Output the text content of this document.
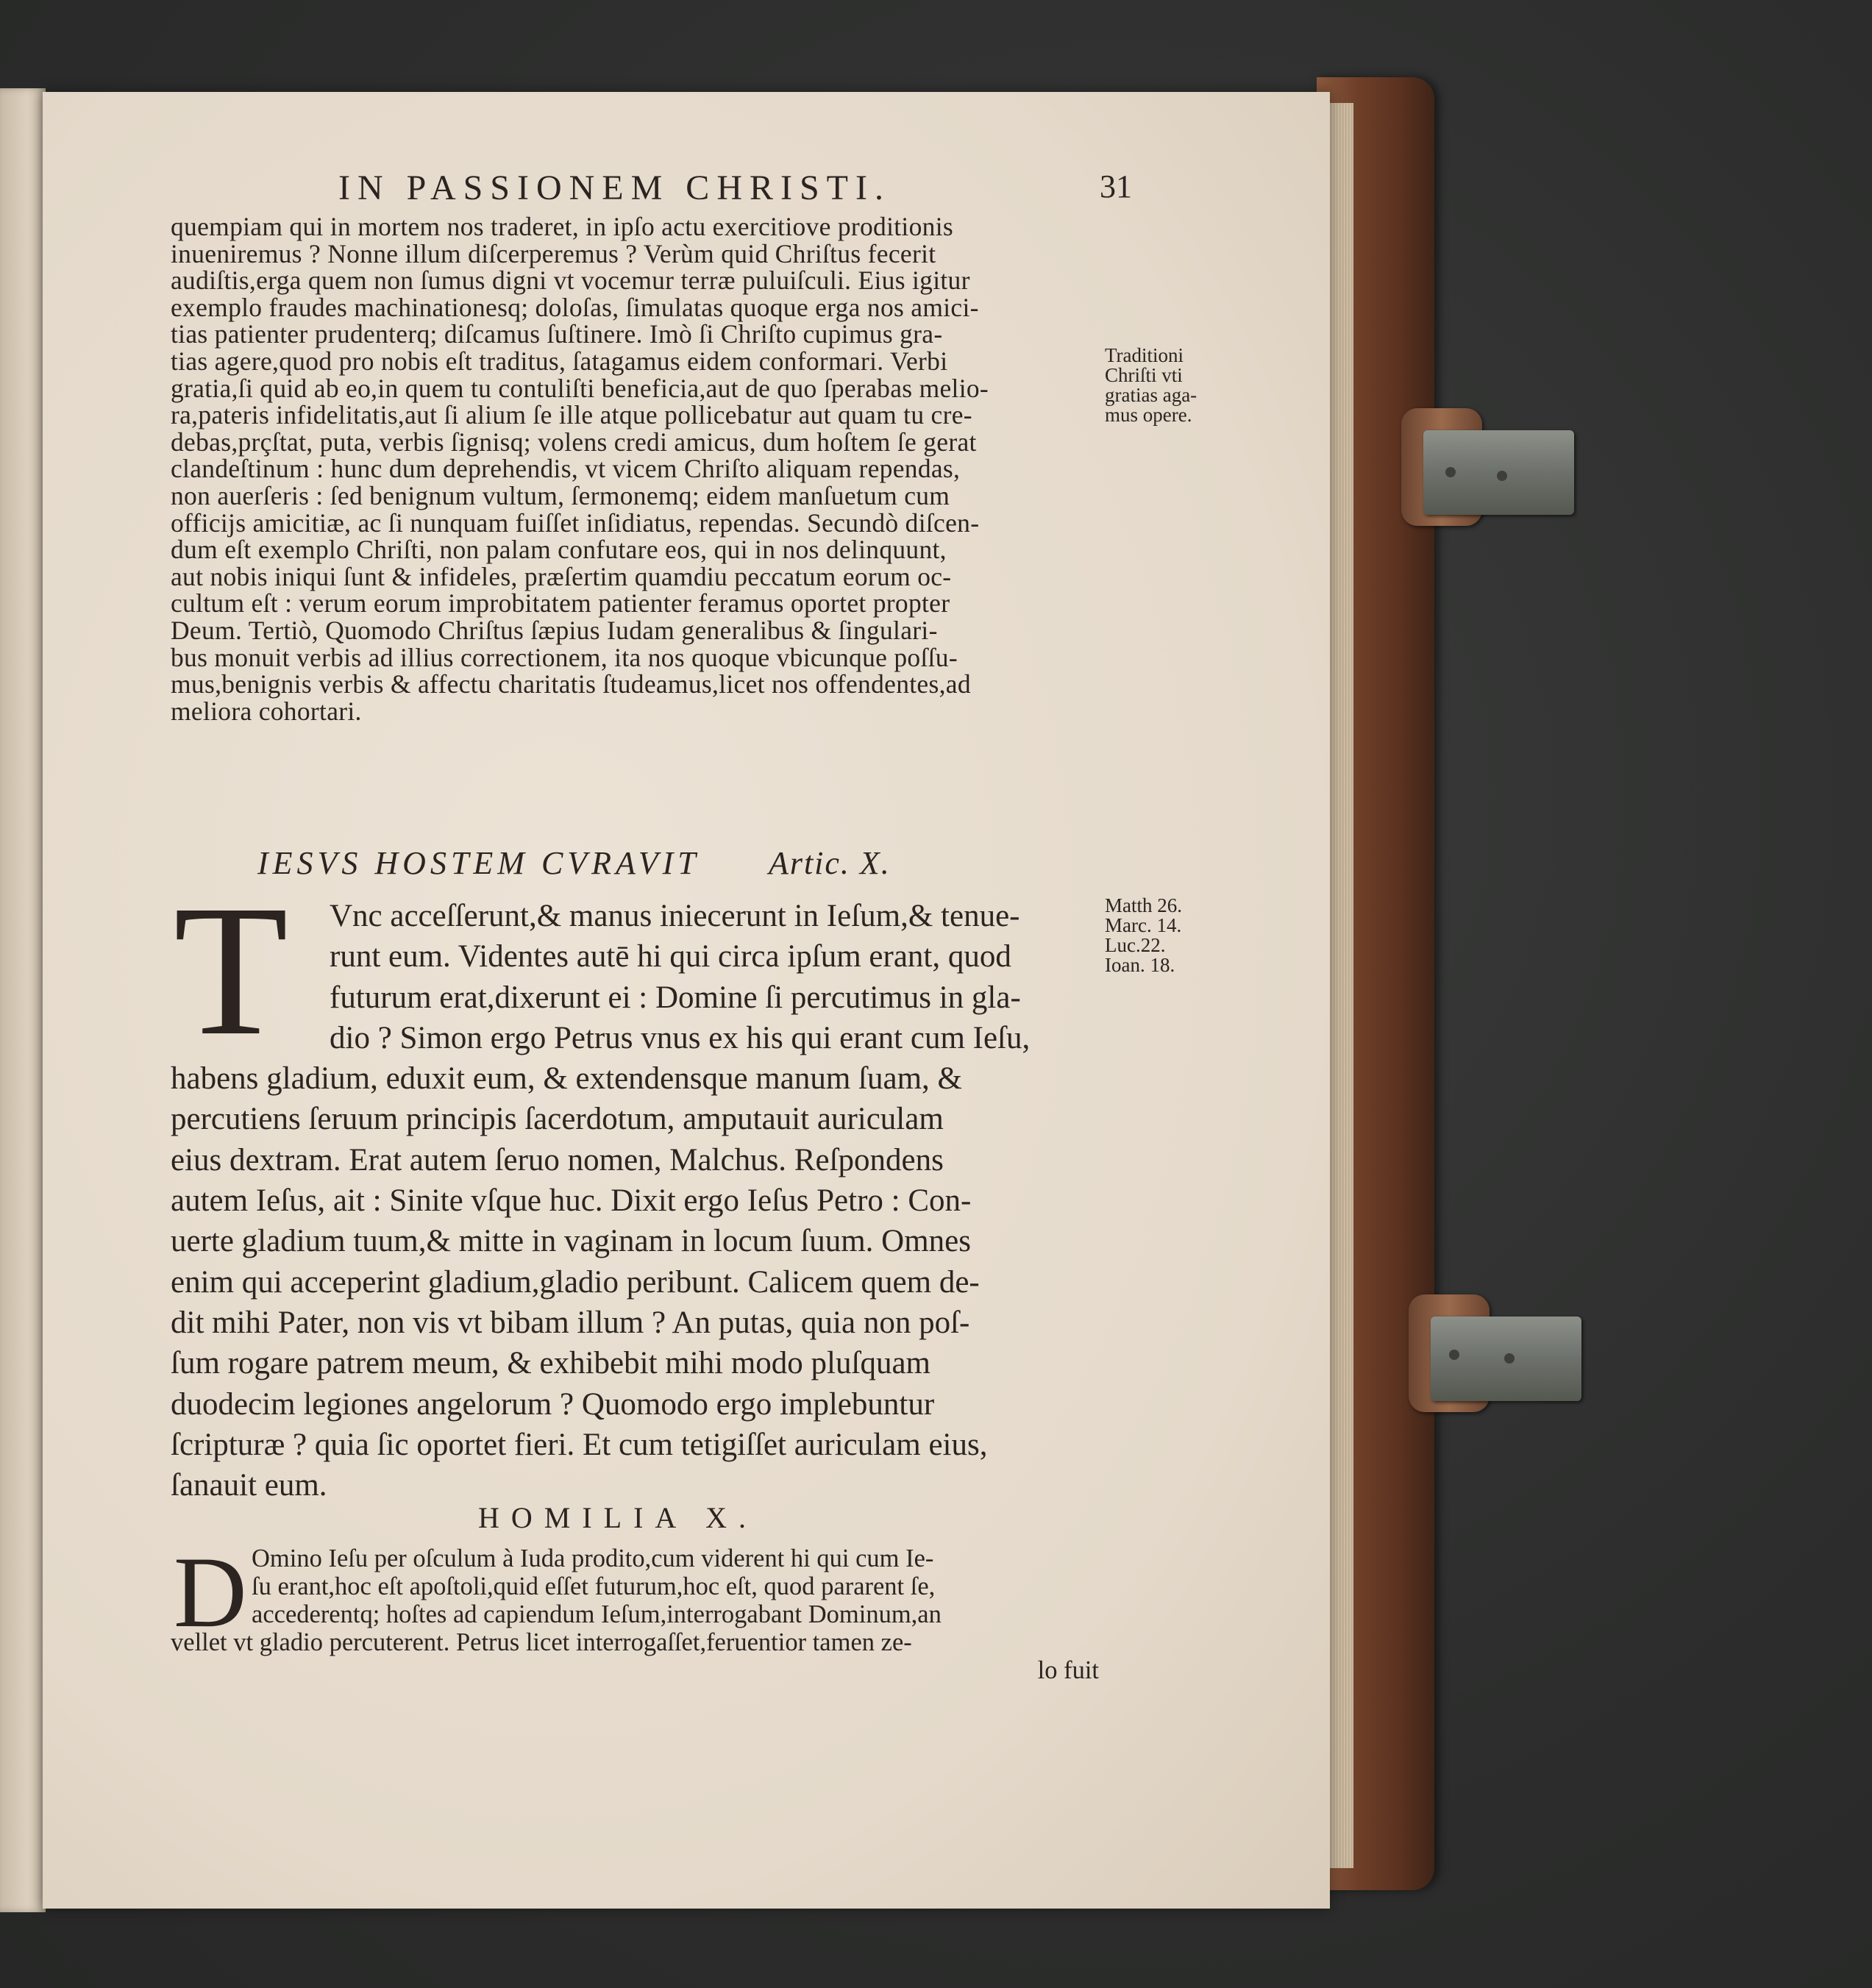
IN PASSIONEM CHRISTI.	31
quempiam qui in mortem nos traderet, in ipſo actu exercitiove proditionis
inueniremus ? Nonne illum diſcerperemus ? Verùm quid Chriſtus fecerit
audiſtis,erga quem non ſumus digni vt vocemur terræ puluiſculi. Eius igitur
exemplo fraudes machinationesq; doloſas, ſimulatas quoque erga nos amici-
tias patienter prudenterq; diſcamus ſuſtinere. Imò ſi Chriſto cupimus gra-
tias agere,quod pro nobis eſt traditus, ſatagamus eidem conformari. Verbi
gratia,ſi quid ab eo,in quem tu contuliſti beneficia,aut de quo ſperabas melio-
ra,pateris infidelitatis,aut ſi alium ſe ille atque pollicebatur aut quam tu cre-
debas,prçſtat, puta, verbis ſignisq; volens credi amicus, dum hoſtem ſe gerat
clandeſtinum : hunc dum deprehendis, vt vicem Chriſto aliquam rependas,
non auerſeris : ſed benignum vultum, ſermonemq; eidem manſuetum cum
officijs amicitiæ, ac ſi nunquam fuiſſet inſidiatus, rependas. Secundò diſcen-
dum eſt exemplo Chriſti, non palam confutare eos, qui in nos delinquunt,
aut nobis iniqui ſunt & infideles, præſertim quamdiu peccatum eorum oc-
cultum eſt : verum eorum improbitatem patienter feramus oportet propter
Deum. Tertiò, Quomodo Chriſtus ſæpius Iudam generalibus & ſingulari-
bus monuit verbis ad illius correctionem, ita nos quoque vbicunque poſſu-
mus,benignis verbis & affectu charitatis ſtudeamus,licet nos offendentes,ad
meliora cohortari.
Traditioni
Chriſti vti
gratias aga-
mus opere.
IESVS HOSTEM CVRAVIT Artic. X.
T	Vnc acceſſerunt,& manus iniecerunt in Ieſum,& tenue-
runt eum. Videntes autē hi qui circa ipſum erant, quod
futurum erat,dixerunt ei : Domine ſi percutimus in gla-
dio ? Simon ergo Petrus vnus ex his qui erant cum Ieſu,
habens gladium, eduxit eum, & extendensque manum ſuam, &
percutiens ſeruum principis ſacerdotum, amputauit auriculam
eius dextram. Erat autem ſeruo nomen, Malchus. Reſpondens
autem Ieſus, ait : Sinite vſque huc. Dixit ergo Ieſus Petro : Con-
uerte gladium tuum,& mitte in vaginam in locum ſuum. Omnes
enim qui acceperint gladium,gladio peribunt. Calicem quem de-
dit mihi Pater, non vis vt bibam illum ? An putas, quia non poſ-
ſum rogare patrem meum, & exhibebit mihi modo pluſquam
duodecim legiones angelorum ? Quomodo ergo implebuntur
ſcripturæ ? quia ſic oportet fieri. Et cum tetigiſſet auriculam eius,
ſanauit eum.
Matth 26.
Marc. 14.
Luc.22.
Ioan. 18.
HOMILIA X.
D Omino Ieſu per oſculum à Iuda prodito,cum viderent hi qui cum Ie-
ſu erant,hoc eſt apoſtoli,quid eſſet futurum,hoc eſt, quod pararent ſe,
accederentq; hoſtes ad capiendum Ieſum,interrogabant Dominum,an
vellet vt gladio percuterent. Petrus licet interrogaſſet,feruentior tamen ze-
lo fuit
